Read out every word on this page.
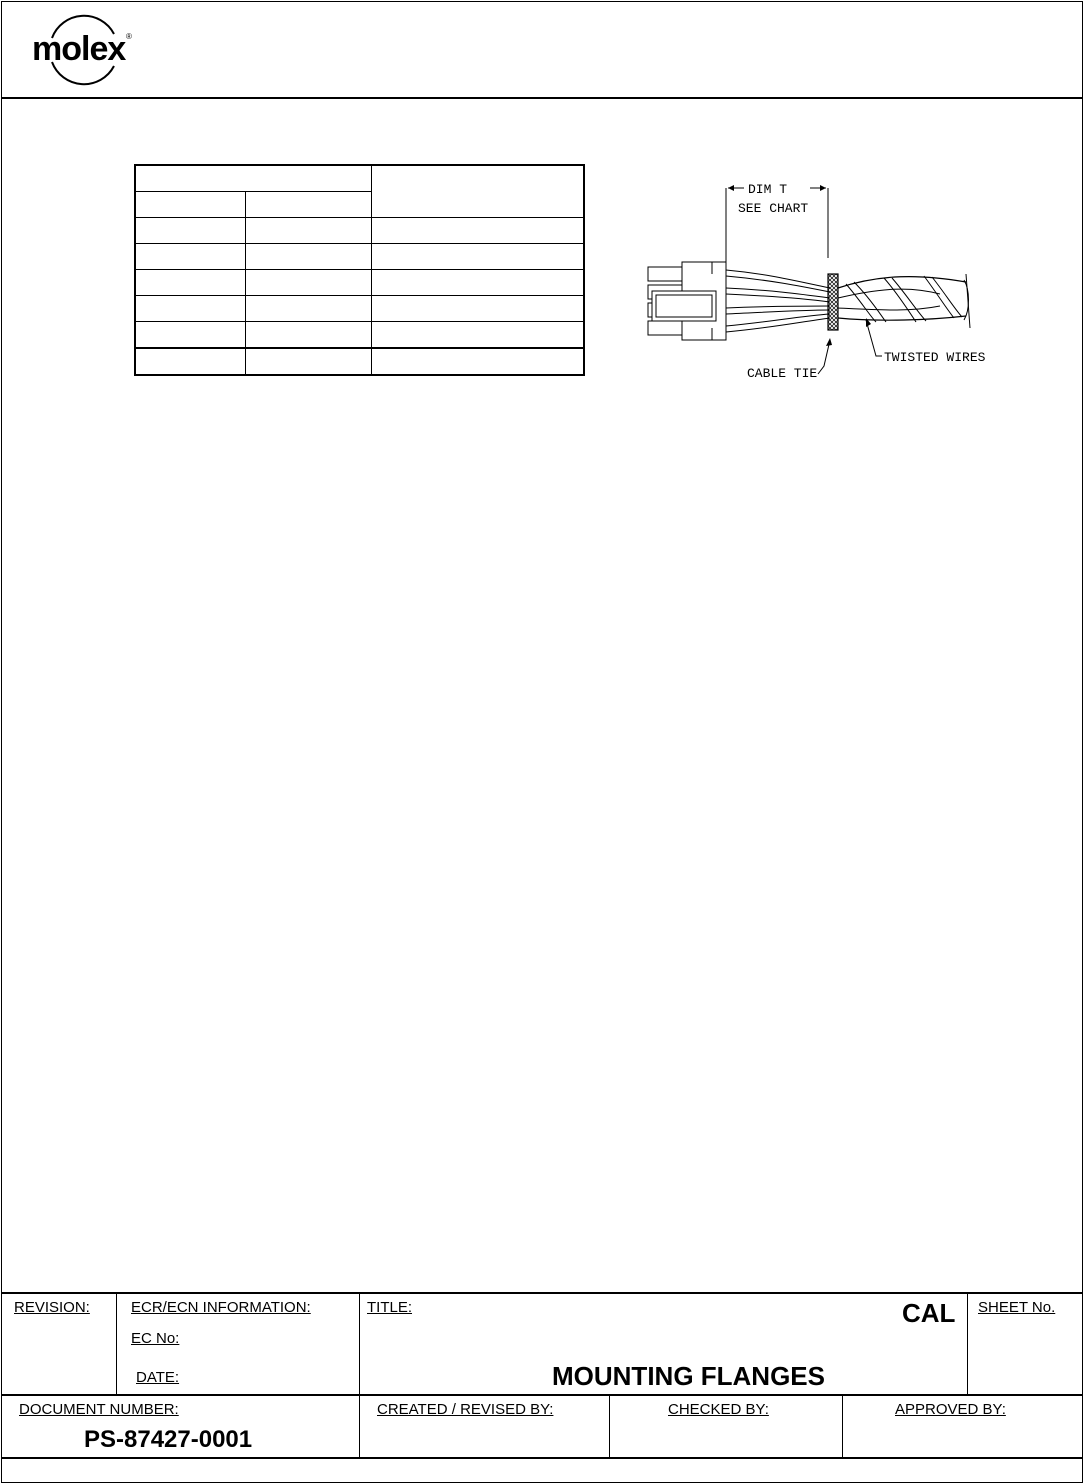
molex ®

DIM T
SEE CHART
CABLE TIE
TWISTED WIRES
REVISION:	ECR/ECN INFORMATION:
EC No:
DATE:
TITLE:	CAL
MOUNTING FLANGES
SHEET No.
DOCUMENT NUMBER:
PS-87427-0001
CREATED / REVISED BY:	CHECKED BY:	APPROVED BY:
